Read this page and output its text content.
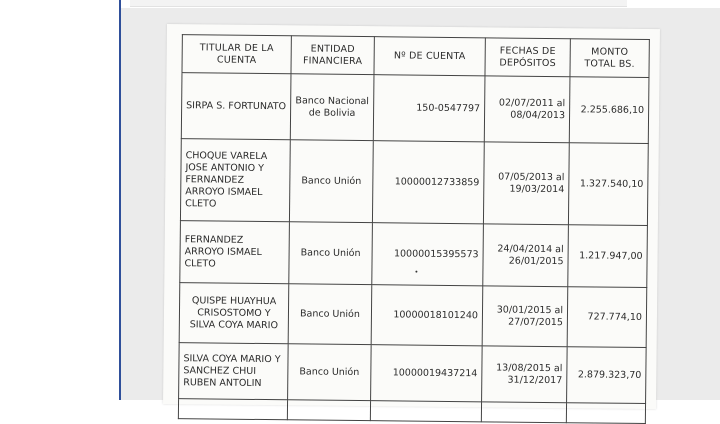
TITULAR DE LA CUENTA	ENTIDAD FINANCIERA	Nº DE CUENTA	FECHAS DE DEPÓSITOS	MONTO TOTAL BS.
SIRPA S. FORTUNATO	Banco Nacional de Bolivia	150-0547797	02/07/2011 al 08/04/2013	2.255.686,10
CHOQUE VARELA JOSE ANTONIO Y FERNANDEZ ARROYO ISMAEL CLETO	Banco Unión	10000012733859	07/05/2013 al 19/03/2014	1.327.540,10
FERNANDEZ ARROYO ISMAEL CLETO	Banco Unión	10000015395573	24/04/2014 al 26/01/2015	1.217.947,00
QUISPE HUAYHUA CRISOSTOMO Y SILVA COYA MARIO	Banco Unión	10000018101240	30/01/2015 al 27/07/2015	727.774,10
SILVA COYA MARIO Y SANCHEZ CHUI RUBEN ANTOLIN	Banco Unión	10000019437214	13/08/2015 al 31/12/2017	2.879.323,70
